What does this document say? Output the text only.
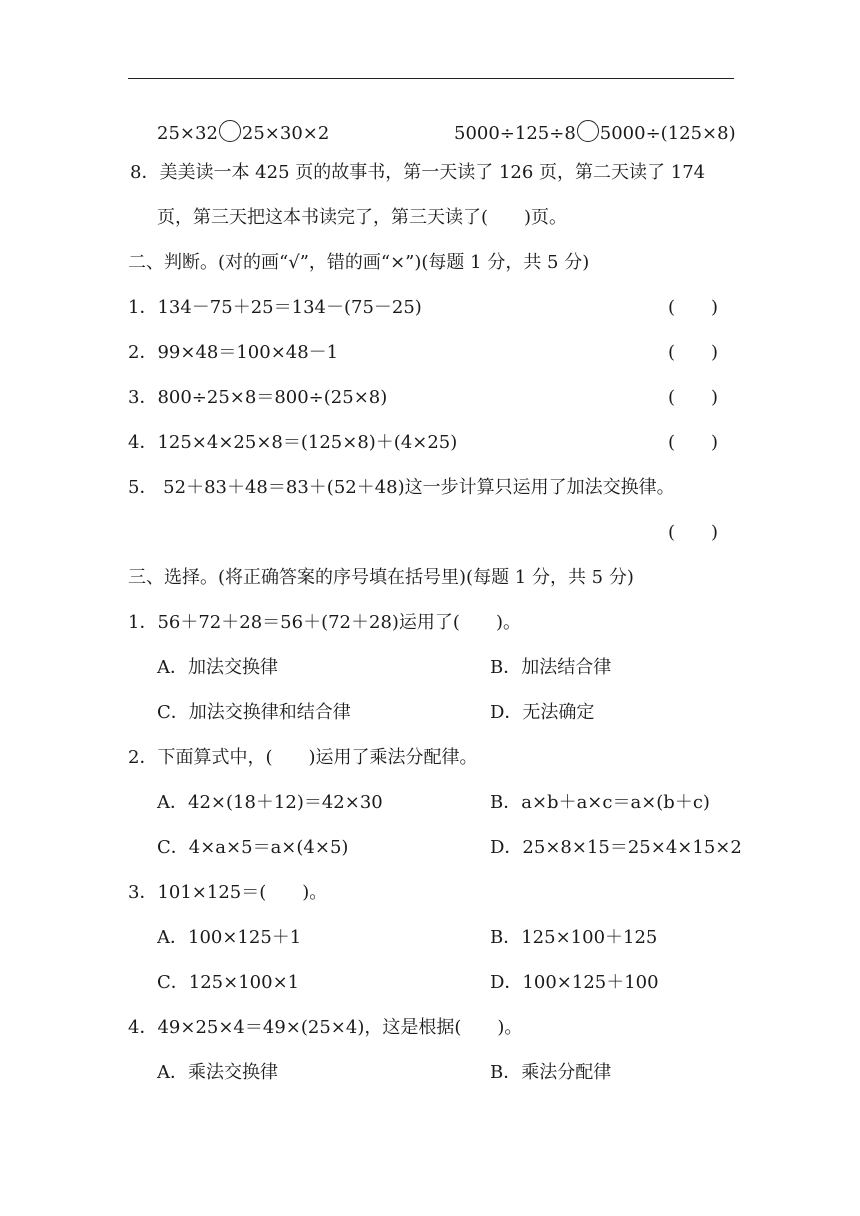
25×32 25×30×2	5000÷125÷8 5000÷(125×8)
8．美美读一本 425 页的故事书，第一天读了 126 页，第二天读了 174
页，第三天把这本书读完了，第三天读了(　　)页。
二、判断。(对的画“√”，错的画“×”)(每题 1 分，共 5 分)
1．134－75＋25＝134－(75－25)	(　　)
2．99×48＝100×48－1	(　　)
3．800÷25×8＝800÷(25×8)	(　　)
4．125×4×25×8＝(125×8)＋(4×25)	(　　)
5． 52＋83＋48＝83＋(52＋48)这一步计算只运用了加法交换律。
(　　)
三、选择。(将正确答案的序号填在括号里)(每题 1 分，共 5 分)
1．56＋72＋28＝56＋(72＋28)运用了(　　)。
A．加法交换律	B．加法结合律
C．加法交换律和结合律	D．无法确定
2．下面算式中，(　　)运用了乘法分配律。
A．42×(18＋12)＝42×30	B．a×b＋a×c＝a×(b＋c)
C．4×a×5＝a×(4×5)	D．25×8×15＝25×4×15×2
3．101×125＝(　　)。
A．100×125＋1	B．125×100＋125
C．125×100×1	D．100×125＋100
4．49×25×4＝49×(25×4)，这是根据(　　)。
A．乘法交换律	B．乘法分配律
